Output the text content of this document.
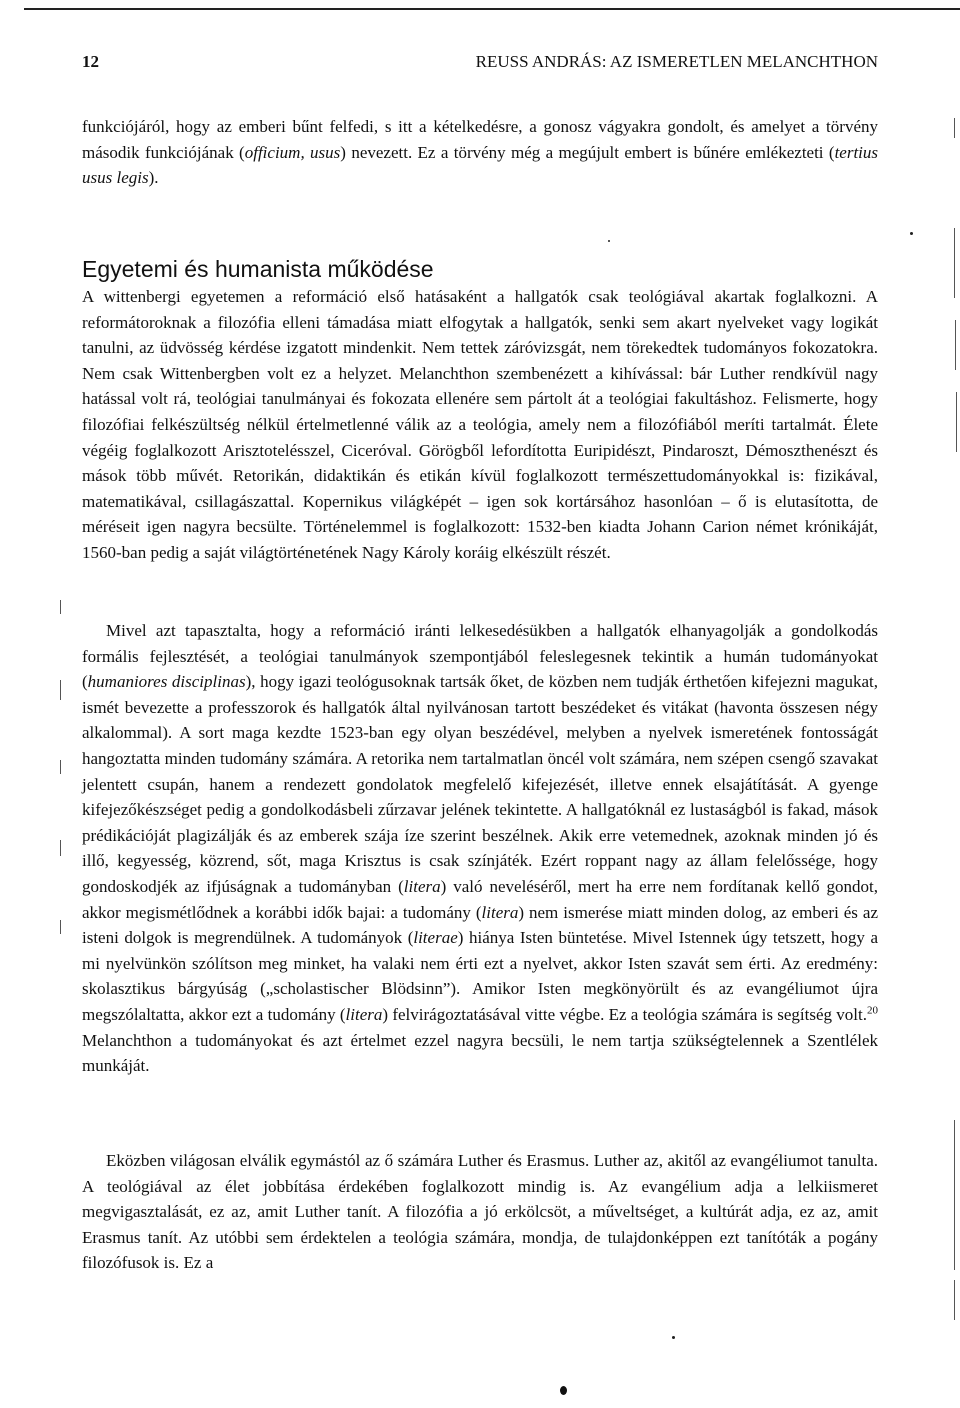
12	REUSS ANDRÁS: AZ ISMERETLEN MELANCHTHON

funkciójáról, hogy az emberi bűnt felfedi, s itt a kételkedésre, a gonosz vágyakra gondolt, és amelyet a törvény második funkciójának (officium, usus) nevezett. Ez a törvény még a megújult embert is bűnére emlékezteti (tertius usus legis).

Egyetemi és humanista működése

A wittenbergi egyetemen a reformáció első hatásaként a hallgatók csak teológiával akartak foglalkozni. A reformátoroknak a filozófia elleni támadása miatt elfogytak a hallgatók, senki sem akart nyelveket vagy logikát tanulni, az üdvösség kérdése izgatott mindenkit. Nem tettek záróvizsgát, nem törekedtek tudományos fokozatokra. Nem csak Wittenbergben volt ez a helyzet. Melanchthon szembenézett a kihívással: bár Luther rendkívül nagy hatással volt rá, teológiai tanulmányai és fokozata ellenére sem pártolt át a teológiai fakultáshoz. Felismerte, hogy filozófiai felkészültség nélkül értelmetlenné válik az a teológia, amely nem a filozófiából meríti tartalmát. Élete végéig foglalkozott Arisztotelésszel, Ciceróval. Görögből lefordította Euripidészt, Pindaroszt, Démoszthenészt és mások több művét. Retorikán, didaktikán és etikán kívül foglalkozott természettudományokkal is: fizikával, matematikával, csillagászattal. Kopernikus világképét – igen sok kortársához hasonlóan – ő is elutasította, de méréseit igen nagyra becsülte. Történelemmel is foglalkozott: 1532-ben kiadta Johann Carion német krónikáját, 1560-ban pedig a saját világtörténetének Nagy Károly koráig elkészült részét.

Mivel azt tapasztalta, hogy a reformáció iránti lelkesedésükben a hallgatók elhanyagolják a gondolkodás formális fejlesztését, a teológiai tanulmányok szempontjából feleslegesnek tekintik a humán tudományokat (humaniores disciplinas), hogy igazi teológusoknak tartsák őket, de közben nem tudják érthetően kifejezni magukat, ismét bevezette a professzorok és hallgatók által nyilvánosan tartott beszédeket és vitákat (havonta összesen négy alkalommal). A sort maga kezdte 1523-ban egy olyan beszédével, melyben a nyelvek ismeretének fontosságát hangoztatta minden tudomány számára. A retorika nem tartalmatlan öncél volt számára, nem szépen csengő szavakat jelentett csupán, hanem a rendezett gondolatok megfelelő kifejezését, illetve ennek elsajátítását. A gyenge kifejezőkészséget pedig a gondolkodásbeli zűrzavar jelének tekintette. A hallgatóknál ez lustaságból is fakad, mások prédikációját plagizálják és az emberek szája íze szerint beszélnek. Akik erre vetemednek, azoknak minden jó és illő, kegyesség, közrend, sőt, maga Krisztus is csak színjáték. Ezért roppant nagy az állam felelőssége, hogy gondoskodjék az ifjúságnak a tudományban (litera) való neveléséről, mert ha erre nem fordítanak kellő gondot, akkor megismétlődnek a korábbi idők bajai: a tudomány (litera) nem ismerése miatt minden dolog, az emberi és az isteni dolgok is megrendülnek. A tudományok (literae) hiánya Isten büntetése. Mivel Istennek úgy tetszett, hogy a mi nyelvünkön szólítson meg minket, ha valaki nem érti ezt a nyelvet, akkor Isten szavát sem érti. Az eredmény: skolasztikus bárgyúság („scholastischer Blödsinn”). Amikor Isten megkönyörült és az evangéliumot újra megszólaltatta, akkor ezt a tudomány (litera) felvirágoztatásával vitte végbe. Ez a teológia számára is segítség volt.$^{20}$ Melanchthon a tudományokat és azt értelmet ezzel nagyra becsüli, le nem tartja szükségtelennek a Szentlélek munkáját.

Eközben világosan elválik egymástól az ő számára Luther és Erasmus. Luther az, akitől az evangéliumot tanulta. A teológiával az élet jobbítása érdekében foglalkozott mindig is. Az evangélium adja a lelkiismeret megvigasztalását, ez az, amit Luther tanít. A filozófia a jó erkölcsöt, a műveltséget, a kultúrát adja, ez az, amit Erasmus tanít. Az utóbbi sem érdektelen a teológia számára, mondja, de tulajdonképpen ezt tanítóták a pogány filozófusok is. Ez a
